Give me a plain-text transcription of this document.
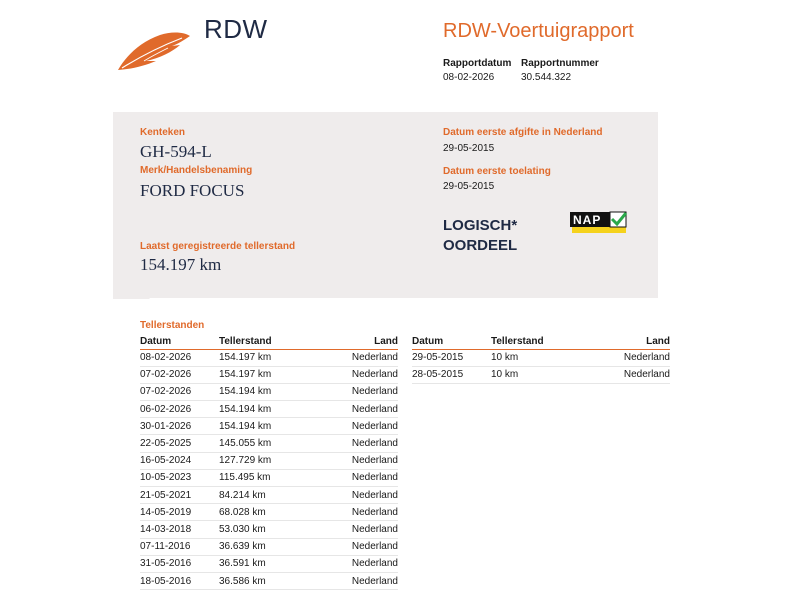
RDW	RDW-Voertuigrapport
Rapportdatum
08-02-2026
Rapportnummer
30.544.322
Kenteken
GH-594-L
Merk/Handelsbenaming
FORD FOCUS
Laatst geregistreerde tellerstand
154.197 km
Datum eerste afgifte in Nederland
29-05-2015
Datum eerste toelating
29-05-2015
LOGISCH*
OORDEEL
NAP
Tellerstanden
Datum	Tellerstand	Land
08-02-2026	154.197 km	Nederland
07-02-2026	154.197 km	Nederland
07-02-2026	154.194 km	Nederland
06-02-2026	154.194 km	Nederland
30-01-2026	154.194 km	Nederland
22-05-2025	145.055 km	Nederland
16-05-2024	127.729 km	Nederland
10-05-2023	115.495 km	Nederland
21-05-2021	84.214 km	Nederland
14-05-2019	68.028 km	Nederland
14-03-2018	53.030 km	Nederland
07-11-2016	36.639 km	Nederland
31-05-2016	36.591 km	Nederland
18-05-2016	36.586 km	Nederland
Datum	Tellerstand	Land
29-05-2015	10 km	Nederland
28-05-2015	10 km	Nederland
